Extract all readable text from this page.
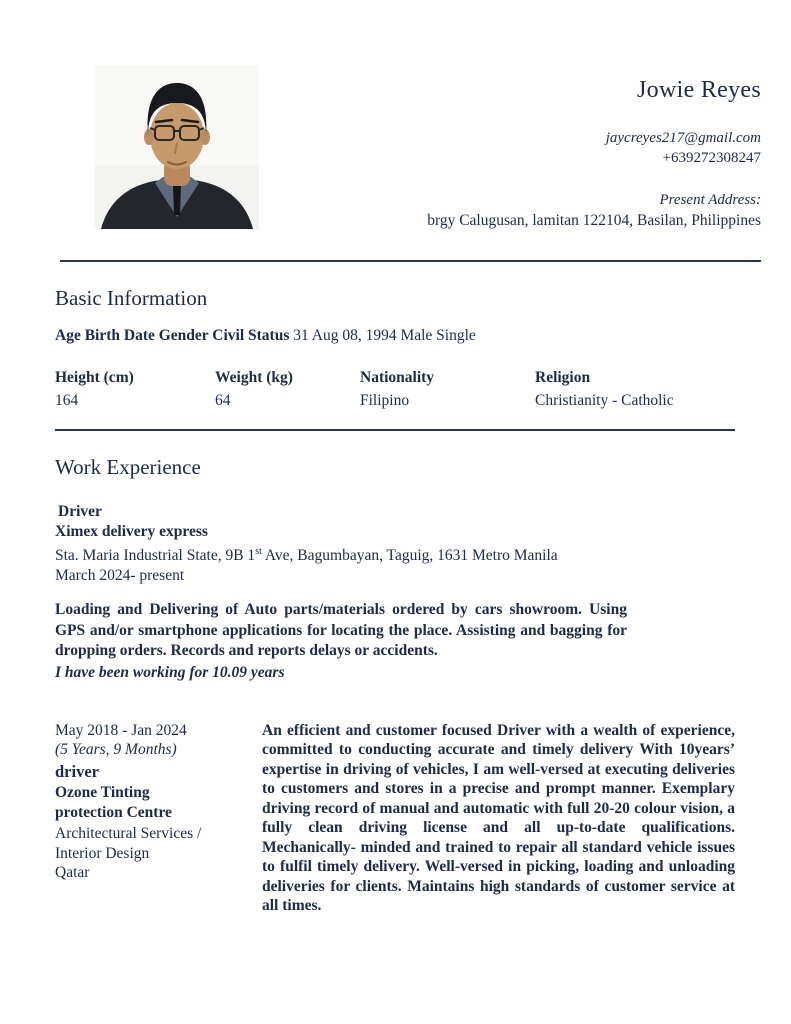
Jowie Reyes
jaycreyes217@gmail.com
+639272308247
Present Address:
brgy Calugusan, lamitan 122104, Basilan, Philippines
Basic Information
Age Birth Date Gender Civil Status 31 Aug 08, 1994 Male Single
Height (cm)
164
Weight (kg)
64
Nationality
Filipino
Religion
Christianity - Catholic
Work Experience
Driver
Ximex delivery express
Sta. Maria Industrial State, 9B 1st Ave, Bagumbayan, Taguig, 1631 Metro Manila
March 2024- present
Loading and Delivering of Auto parts/materials ordered by cars showroom. Using GPS and/or smartphone applications for locating the place. Assisting and bagging for dropping orders. Records and reports delays or accidents.
I have been working for 10.09 years
May 2018 - Jan 2024
(5 Years, 9 Months)
driver
Ozone Tinting protection Centre
Architectural Services / Interior Design
Qatar
An efficient and customer focused Driver with a wealth of experience, committed to conducting accurate and timely delivery With 10years’ expertise in driving of vehicles, I am well-versed at executing deliveries to customers and stores in a precise and prompt manner. Exemplary driving record of manual and automatic with full 20-20 colour vision, a fully clean driving license and all up-to-date qualifications. Mechanically- minded and trained to repair all standard vehicle issues to fulfil timely delivery. Well-versed in picking, loading and unloading deliveries for clients. Maintains high standards of customer service at all times.
